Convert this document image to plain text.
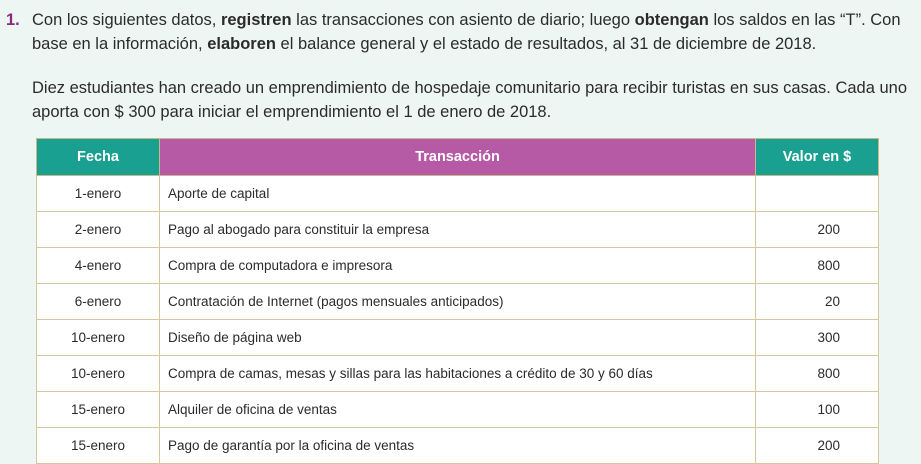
1. Con los siguientes datos, registren las transacciones con asiento de diario; luego obtengan los saldos en las “T”. Con base en la información, elaboren el balance general y el estado de resultados, al 31 de diciembre de 2018.
Diez estudiantes han creado un emprendimiento de hospedaje comunitario para recibir turistas en sus casas. Cada uno aporta con $ 300 para iniciar el emprendimiento el 1 de enero de 2018.
Fecha	Transacción	Valor en $
1-enero	Aporte de capital	
2-enero	Pago al abogado para constituir la empresa	200
4-enero	Compra de computadora e impresora	800
6-enero	Contratación de Internet (pagos mensuales anticipados)	20
10-enero	Diseño de página web	300
10-enero	Compra de camas, mesas y sillas para las habitaciones a crédito de 30 y 60 días	800
15-enero	Alquiler de oficina de ventas	100
15-enero	Pago de garantía por la oficina de ventas	200
